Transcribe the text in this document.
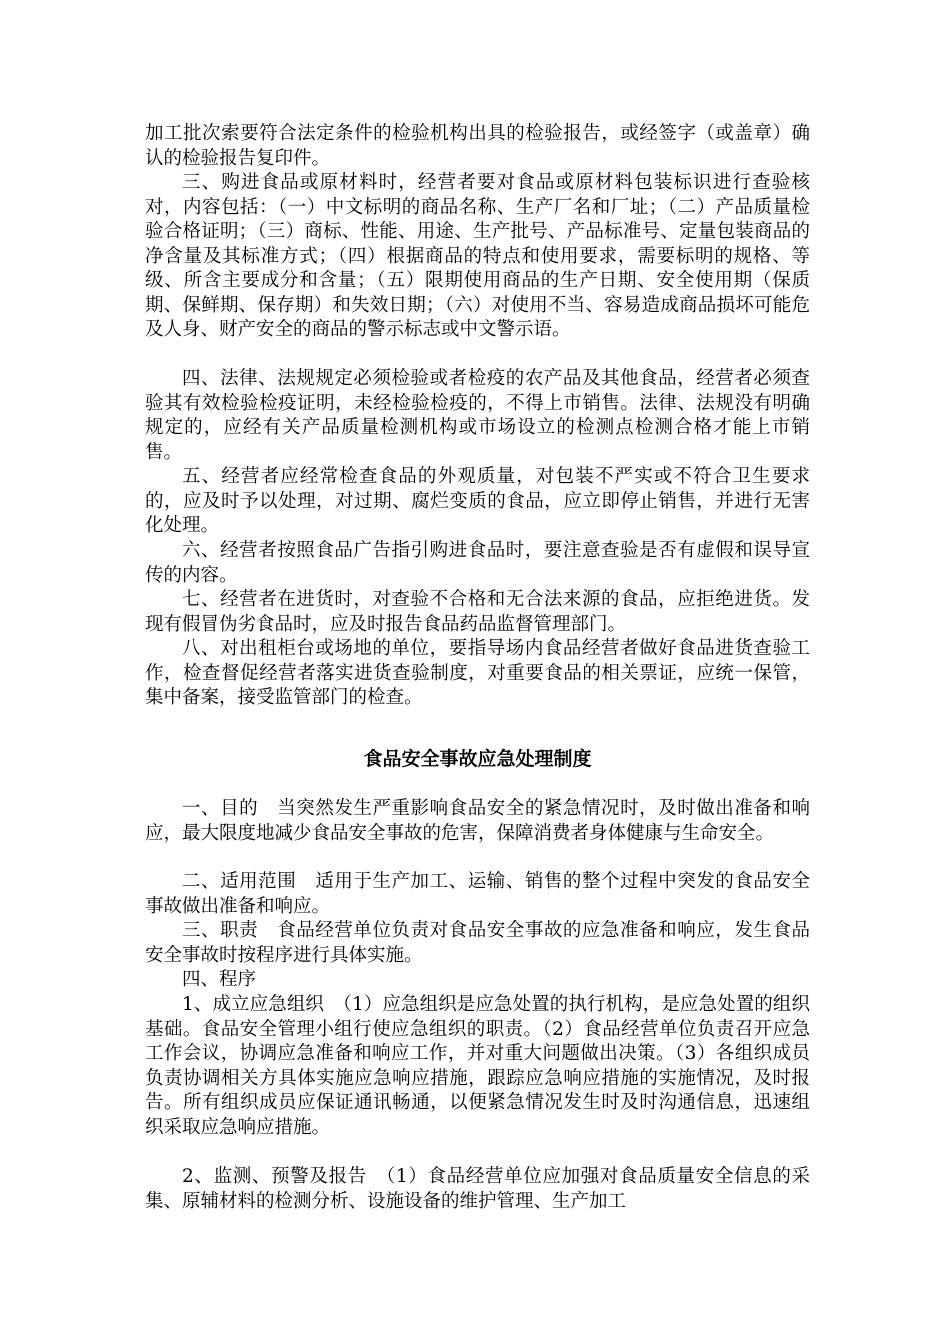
加工批次索要符合法定条件的检验机构出具的检验报告，或经签字（或盖章）确认的检验报告复印件。

三、购进食品或原材料时，经营者要对食品或原材料包装标识进行查验核对，内容包括：（一）中文标明的商品名称、生产厂名和厂址；（二）产品质量检验合格证明；（三）商标、性能、用途、生产批号、产品标准号、定量包装商品的净含量及其标准方式；（四）根据商品的特点和使用要求，需要标明的规格、等级、所含主要成分和含量；（五）限期使用商品的生产日期、安全使用期（保质期、保鲜期、保存期）和失效日期；（六）对使用不当、容易造成商品损坏可能危及人身、财产安全的商品的警示标志或中文警示语。

四、法律、法规规定必须检验或者检疫的农产品及其他食品，经营者必须查验其有效检验检疫证明，未经检验检疫的，不得上市销售。法律、法规没有明确规定的，应经有关产品质量检测机构或市场设立的检测点检测合格才能上市销售。

五、经营者应经常检查食品的外观质量，对包装不严实或不符合卫生要求的，应及时予以处理，对过期、腐烂变质的食品，应立即停止销售，并进行无害化处理。

六、经营者按照食品广告指引购进食品时，要注意查验是否有虚假和误导宣传的内容。

七、经营者在进货时，对查验不合格和无合法来源的食品，应拒绝进货。发现有假冒伪劣食品时，应及时报告食品药品监督管理部门。

八、对出租柜台或场地的单位，要指导场内食品经营者做好食品进货查验工作，检查督促经营者落实进货查验制度，对重要食品的相关票证，应统一保管，集中备案，接受监管部门的检查。

食品安全事故应急处理制度

一、目的　当突然发生严重影响食品安全的紧急情况时，及时做出准备和响应，最大限度地减少食品安全事故的危害，保障消费者身体健康与生命安全。

二、适用范围　适用于生产加工、运输、销售的整个过程中突发的食品安全事故做出准备和响应。

三、职责　食品经营单位负责对食品安全事故的应急准备和响应，发生食品安全事故时按程序进行具体实施。

四、程序

1、成立应急组织　（1）应急组织是应急处置的执行机构，是应急处置的组织基础。食品安全管理小组行使应急组织的职责。（2）食品经营单位负责召开应急工作会议，协调应急准备和响应工作，并对重大问题做出决策。（3）各组织成员负责协调相关方具体实施应急响应措施，跟踪应急响应措施的实施情况，及时报告。所有组织成员应保证通讯畅通，以便紧急情况发生时及时沟通信息，迅速组织采取应急响应措施。

2、监测、预警及报告　（1）食品经营单位应加强对食品质量安全信息的采集、原辅材料的检测分析、设施设备的维护管理、生产加工
